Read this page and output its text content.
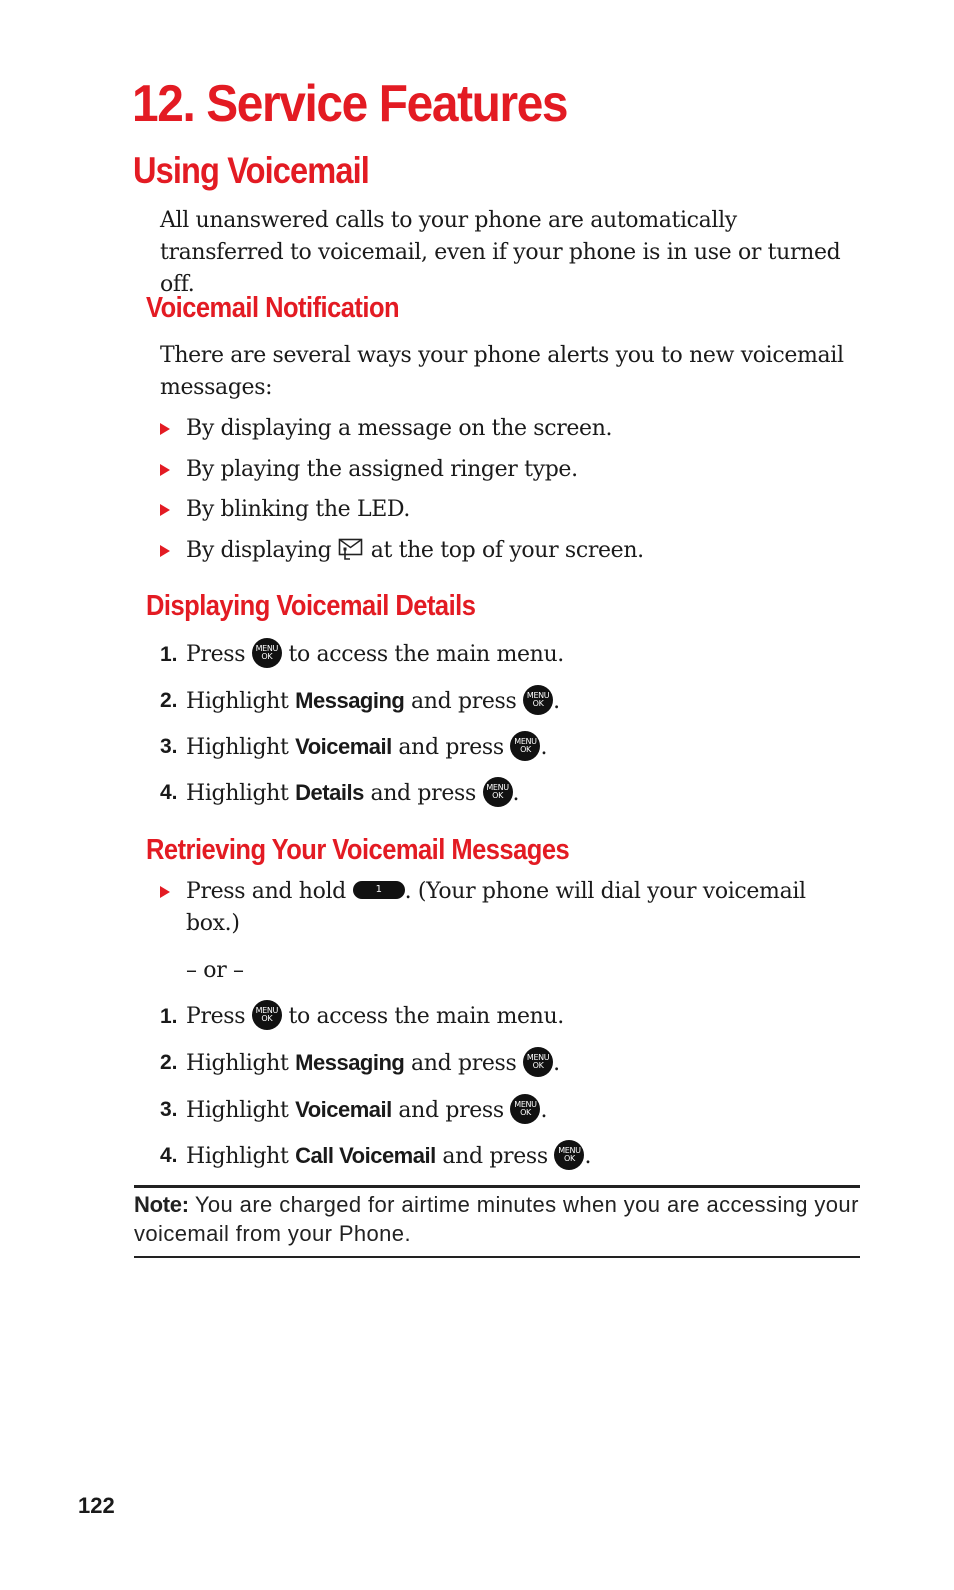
12. Service Features
Using Voicemail

All unanswered calls to your phone are automatically transferred to voicemail, even if your phone is in use or turned off.

Voicemail Notification

There are several ways your phone alerts you to new voicemail messages:

By displaying a message on the screen.
By playing the assigned ringer type.
By blinking the LED.
By displaying at the top of your screen.
Displaying Voicemail Details
1. Press	MENU
OK to access the main menu.
2. Highlight Messaging and press	MENU
OK .
3. Highlight Voicemail and press	MENU
OK .
4. Highlight Details and press	MENU
OK .
Retrieving Your Voicemail Messages
Press and hold	1 . (Your phone will dial your voicemail
box.)
– or –
1. Press	MENU
OK to access the main menu.
2. Highlight Messaging and press	MENU
OK .
3. Highlight Voicemail and press	MENU
OK .
4. Highlight Call Voicemail and press	MENU
OK .

Note: You are charged for airtime minutes when you are accessing your voicemail from your Phone.

122
